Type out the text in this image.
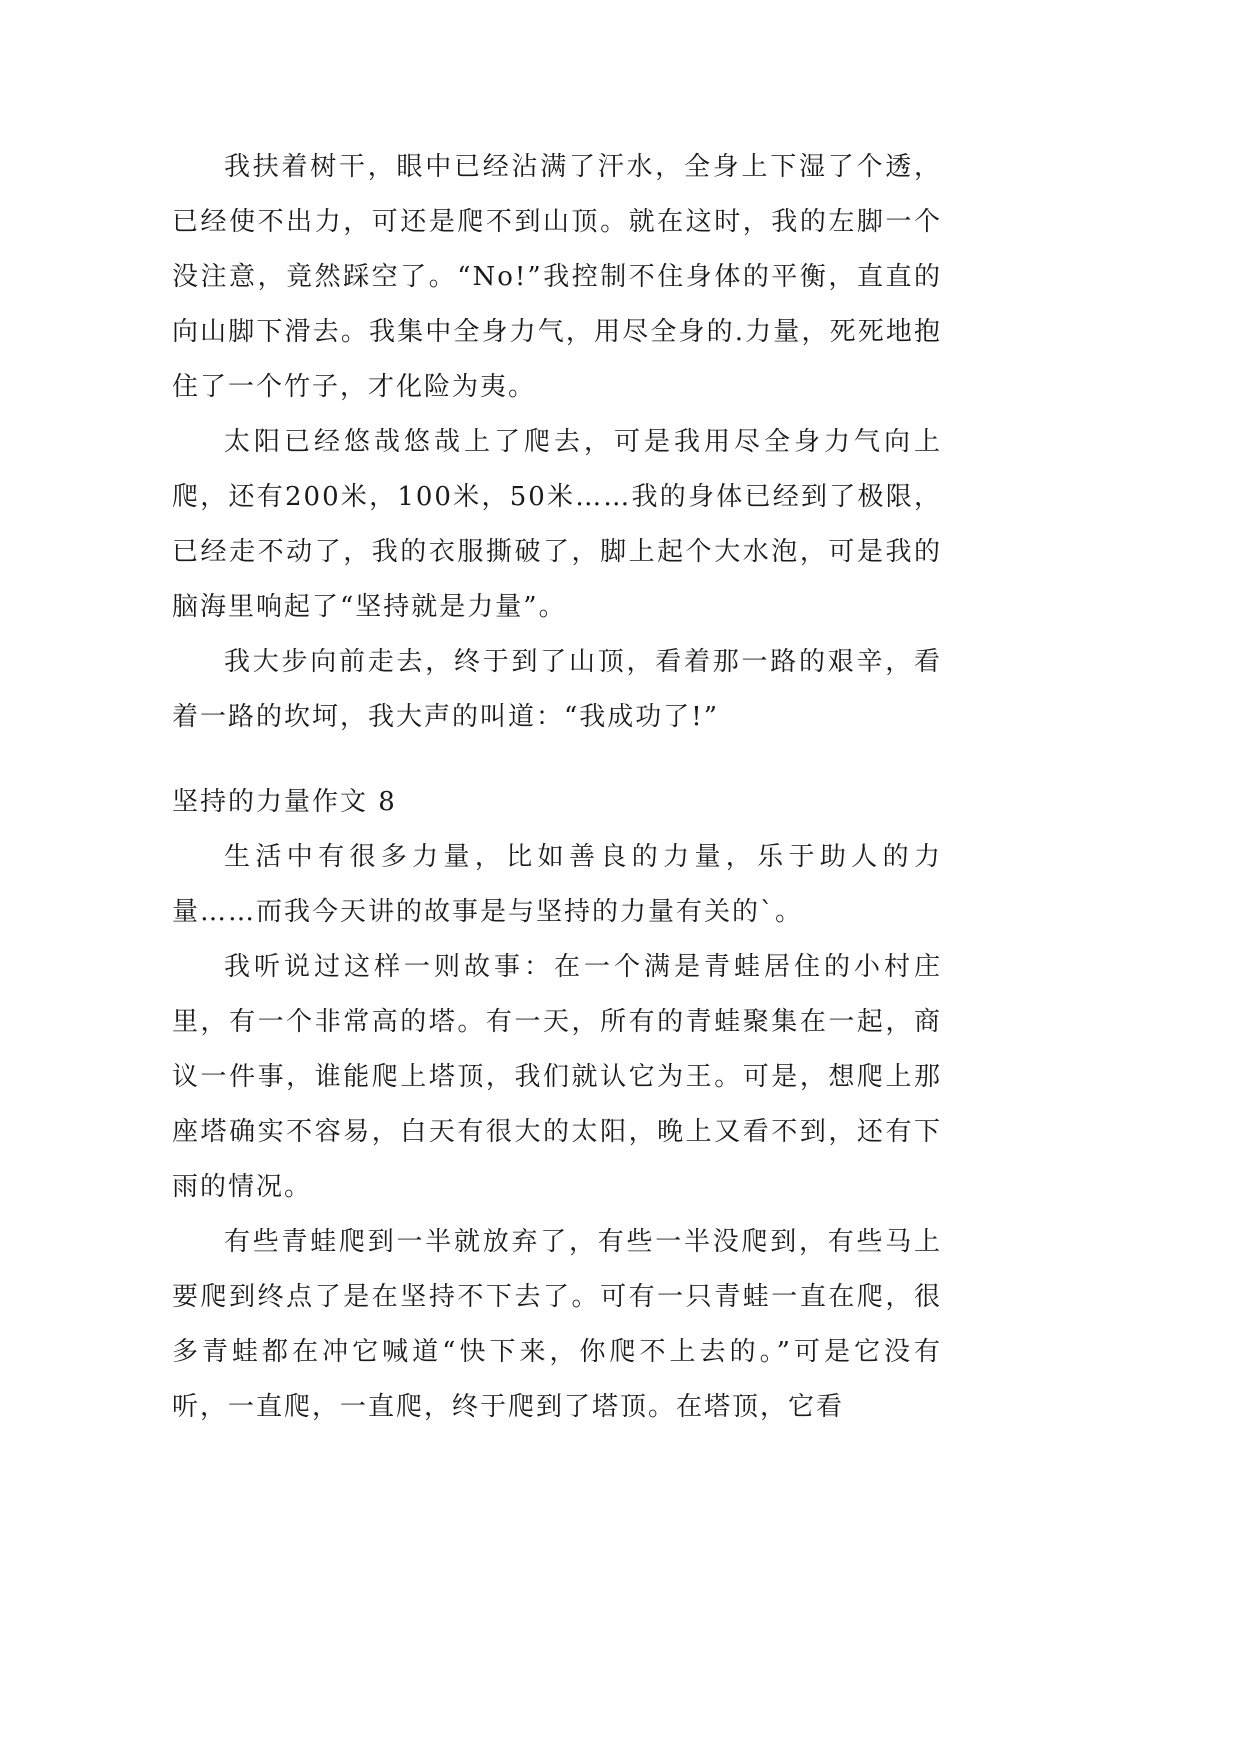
我扶着树干，眼中已经沾满了汗水，全身上下湿了个透，已经使不出力，可还是爬不到山顶。就在这时，我的左脚一个没注意，竟然踩空了。“No!”我控制不住身体的平衡，直直的向山脚下滑去。我集中全身力气，用尽全身的.力量，死死地抱住了一个竹子，才化险为夷。

太阳已经悠哉悠哉上了爬去，可是我用尽全身力气向上爬，还有200米，100米，50米……我的身体已经到了极限，已经走不动了，我的衣服撕破了，脚上起个大水泡，可是我的脑海里响起了“坚持就是力量”。

我大步向前走去，终于到了山顶，看着那一路的艰辛，看着一路的坎坷，我大声的叫道：“我成功了!”

坚持的力量作文 8

生活中有很多力量，比如善良的力量，乐于助人的力量……而我今天讲的故事是与坚持的力量有关的`。

我听说过这样一则故事：在一个满是青蛙居住的小村庄里，有一个非常高的塔。有一天，所有的青蛙聚集在一起，商议一件事，谁能爬上塔顶，我们就认它为王。可是，想爬上那座塔确实不容易，白天有很大的太阳，晚上又看不到，还有下雨的情况。

有些青蛙爬到一半就放弃了，有些一半没爬到，有些马上要爬到终点了是在坚持不下去了。可有一只青蛙一直在爬，很多青蛙都在冲它喊道“快下来，你爬不上去的。”可是它没有听，一直爬，一直爬，终于爬到了塔顶。在塔顶，它看
